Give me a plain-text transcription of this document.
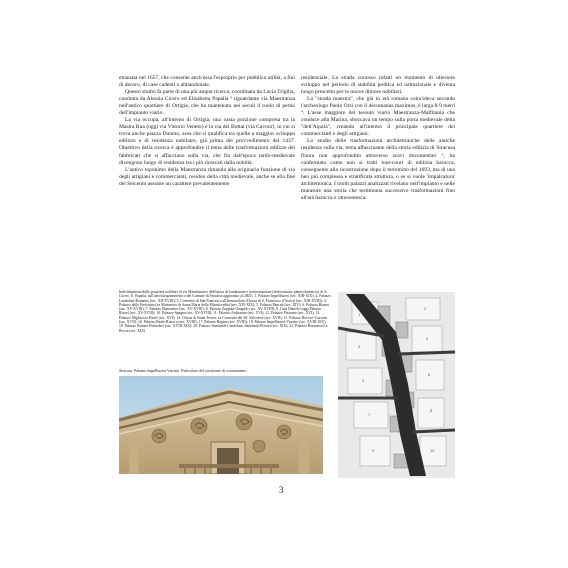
emanata nel 1657, che consente anch'essa l'esproprio per pubblica utilità, a fini di decoro, di case cadenti o abbandonate.

Questo studio fa parte di una più ampia ricerca, coordinata da Lucia Trigilia, condotta da Alessia Cicero ed Elisabetta Papalia ³ riguardante via Maestranza nell'antico quartiere di Ortigia, che ha mantenuto nei secoli il ruolo di perno dell'impianto viario.

La via occupa, all'interno di Ortigia, una vasta porzione compresa tra la Mastra Rua (oggi via Vittorio Veneto) e la via dei Bottai (via Cavour), in cui si trova anche piazza Duomo, area che si qualifica tra quelle a maggior sviluppo edilizio e di residenza nobiliare, già prima del provvedimento del 1437. Obiettivo della ricerca è approfondire il tema delle trasformazioni edilizie dei fabbricati che si affacciano sulla via, che fin dall'epoca tardo-medievale divengono luogo di residenza tra i più ricercati dalla nobiltà.

L'antico toponimo della Maestranza rimanda alla originaria funzione di via degli artigiani e commercianti, residuo della città medievale, anche se alla fine del Seicento assume un carattere prevalentemente

residenziale. La strada conosce infatti un momento di ulteriore sviluppo nel periodo di stabilità politica ed istituzionale e diventa luogo prescelto per le nuove dimore nobiliari.

La "strada maestra", che già in età romana coincideva secondo l'archeologo Paolo Orsi con il decumanus maximus, è larga 8-9 metri ⁴. L'asse maggiore del tessuto viario Maestranza-Malfitania che conduce alla Marina, sboccava un tempo sulla porta medievale detta "dell'Aquila", creando all'interno il principale quartiere dei commercianti e degli artigiani.

Lo studio delle trasformazioni architettoniche delle antiche residenze sulla via, tema affascinante della storia edilizia di Siracusa finora non approfondito attraverso scavi documentari ⁵, ha confermato come non si tratti tout-court di edilizia barocca, conseguente alla ricostruzione dopo il terremoto del 1693, ma di una ben più complessa e stratificata struttura, o se si vuole 'impalcatura' architettonica. I molti palazzi analizzati rivelano nell'impianto e nelle murature una storia che testimonia successive trasformazioni fino all'età barocca e ottocentesca.

Individuazione delle proprietà nobiliari di via Maestranza e dell'epoca di fondazione e trasformazione (elaborazione planivolumetrica di A. Cicero, E. Papalia, sull'aerofotogrammetrico del Comune di Siracusa aggiornato al 2001). 1. Palazzo Impellizzeri (sec. XIII-XIX); 2. Palazzo Landolina-Bonanno (sec. XII-XVIII); 3. Convento di San Francesco all'Immacolata (Chiesa di S. Francesco d'Assisi) (sec. XIII-XVIII); 4. Palazzo della Prefettura (ex Monastero di Santa Maria della Misericordia) (sec. XIV-XIX); 5. Palazzo Pancali (sec. XIV); 6. Palazzo Bianco (sec. XV-XVIII); 7. Palazzo Dumontier (sec. XV-XVIII); 8. Palazzo Zappata-Gargallo (sec. XV-XVIII); 9. Casa Daniele (oggi Palazzo Rizza) (sec. XV-XVIII); 10. Palazzo Spagna (sec. XV-XVIII); 11. Palazzo Ardizzone (sec. XVI); 12. Palazzo Pisacane (sec. XVI); 13. Palazzo Migliaccio-Reale (sec. XVI); 14. Chiesa di Santa Teresa, ex Convento del SS. Salvatore (sec. XVII); 15. Palazzo Bucceri-Cassone (sec. XVII); 16. Palazzo Reale-Rincica (sec. XVIII); 17. Palazzo Regina (sec. XVIII); 18. Palazzo Impellizzeri-Viarisio (sec. XVIII-XIX); 19. Palazzo Romeo-Bufardeci (sec. XVIII-XIX); 20. Palazzo Interlandi-Landolina, Interlandi-Pizzuti (sec. XIX); 21. Palazzo Bozzanca-La Rocca (sec. XIX)
Siracusa. Palazzo Impellizzeri Viarisio. Particolare del cornicione di coronamento.
1
2
3
4
5
6
7
8
9	10
3
